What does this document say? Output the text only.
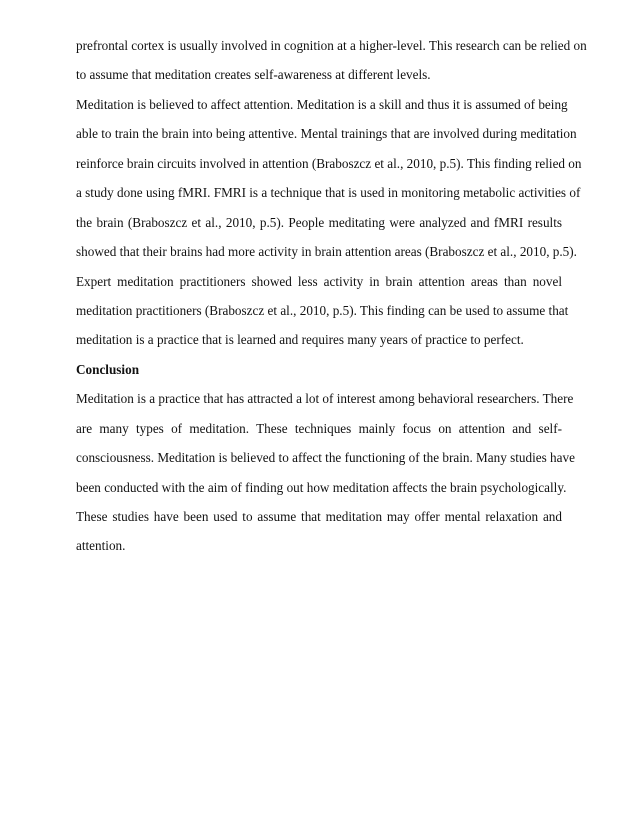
prefrontal cortex is usually involved in cognition at a higher-level. This research can be relied on
to assume that meditation creates self-awareness at different levels.
Meditation is believed to affect attention. Meditation is a skill and thus it is assumed of being
able to train the brain into being attentive. Mental trainings that are involved during meditation
reinforce brain circuits involved in attention (Braboszcz et al., 2010, p.5). This finding relied on
a study done using fMRI. FMRI is a technique that is used in monitoring metabolic activities of
the brain (Braboszcz et al., 2010, p.5). People meditating were analyzed and fMRI results
showed that their brains had more activity in brain attention areas (Braboszcz et al., 2010, p.5).
Expert meditation practitioners showed less activity in brain attention areas than novel
meditation practitioners (Braboszcz et al., 2010, p.5). This finding can be used to assume that
meditation is a practice that is learned and requires many years of practice to perfect.
Conclusion
Meditation is a practice that has attracted a lot of interest among behavioral researchers. There
are many types of meditation. These techniques mainly focus on attention and self-
consciousness. Meditation is believed to affect the functioning of the brain. Many studies have
been conducted with the aim of finding out how meditation affects the brain psychologically.
These studies have been used to assume that meditation may offer mental relaxation and
attention.
